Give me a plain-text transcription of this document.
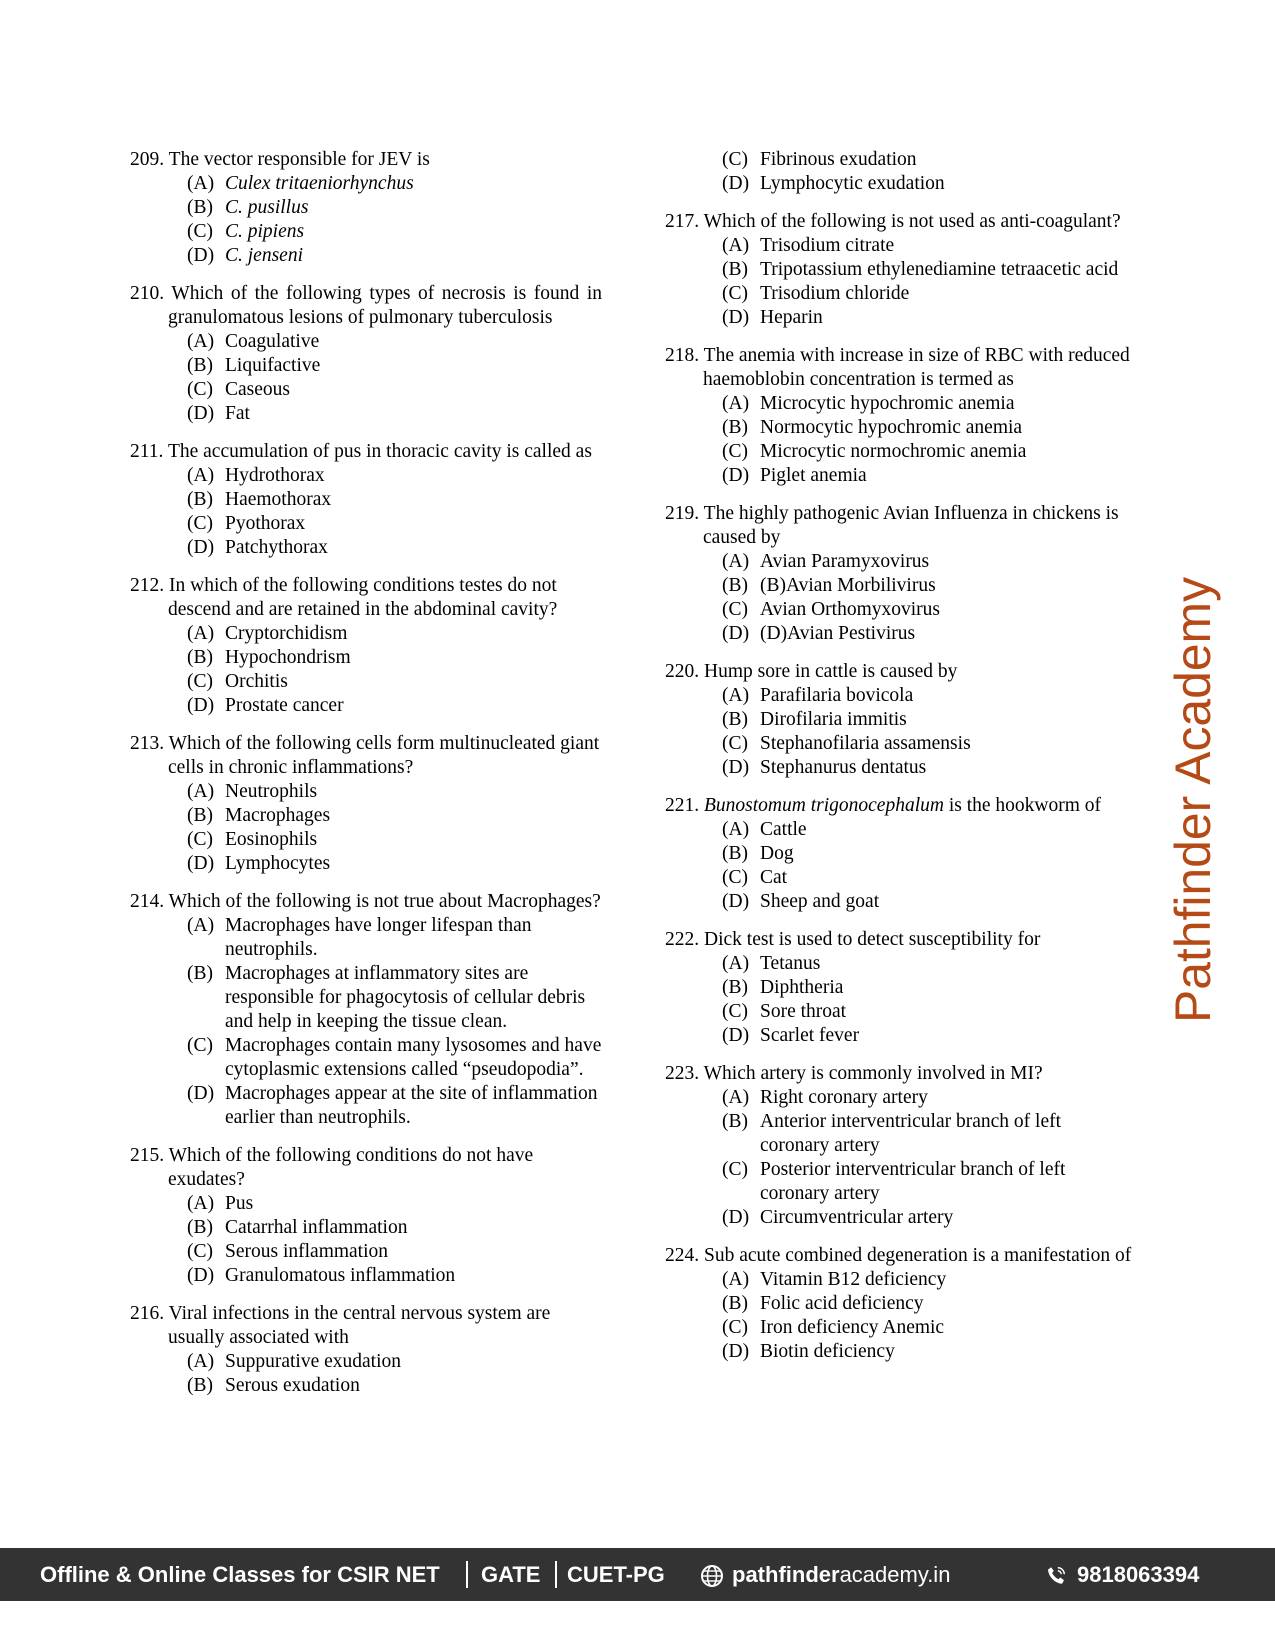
209. The vector responsible for JEV is
(A) Culex tritaeniorhynchus
(B) C. pusillus
(C) C. pipiens
(D) C. jenseni
210. Which of the following types of necrosis is found in granulomatous lesions of pulmonary tuberculosis
(A) Coagulative
(B) Liquifactive
(C) Caseous
(D) Fat
211. The accumulation of pus in thoracic cavity is called as
(A) Hydrothorax
(B) Haemothorax
(C) Pyothorax
(D) Patchythorax
212. In which of the following conditions testes do not descend and are retained in the abdominal cavity?
(A) Cryptorchidism
(B) Hypochondrism
(C) Orchitis
(D) Prostate cancer
213. Which of the following cells form multinucleated giant cells in chronic inflammations?
(A) Neutrophils
(B) Macrophages
(C) Eosinophils
(D) Lymphocytes
214. Which of the following is not true about Macrophages?
(A) Macrophages have longer lifespan than neutrophils.
(B) Macrophages at inflammatory sites are responsible for phagocytosis of cellular debris and help in keeping the tissue clean.
(C) Macrophages contain many lysosomes and have cytoplasmic extensions called “pseudopodia”.
(D) Macrophages appear at the site of inflammation earlier than neutrophils.
215. Which of the following conditions do not have exudates?
(A) Pus
(B) Catarrhal inflammation
(C) Serous inflammation
(D) Granulomatous inflammation
216. Viral infections in the central nervous system are usually associated with
(A) Suppurative exudation
(B) Serous exudation
(C) Fibrinous exudation
(D) Lymphocytic exudation
217. Which of the following is not used as anti-coagulant?
(A) Trisodium citrate
(B) Tripotassium ethylenediamine tetraacetic acid
(C) Trisodium chloride
(D) Heparin
218. The anemia with increase in size of RBC with reduced haemoblobin concentration is termed as
(A) Microcytic hypochromic anemia
(B) Normocytic hypochromic anemia
(C) Microcytic normochromic anemia
(D) Piglet anemia
219. The highly pathogenic Avian Influenza in chickens is caused by
(A) Avian Paramyxovirus
(B) (B)Avian Morbilivirus
(C) Avian Orthomyxovirus
(D) (D)Avian Pestivirus
220. Hump sore in cattle is caused by
(A) Parafilaria bovicola
(B) Dirofilaria immitis
(C) Stephanofilaria assamensis
(D) Stephanurus dentatus
221. Bunostomum trigonocephalum is the hookworm of
(A) Cattle
(B) Dog
(C) Cat
(D) Sheep and goat
222. Dick test is used to detect susceptibility for
(A) Tetanus
(B) Diphtheria
(C) Sore throat
(D) Scarlet fever
223. Which artery is commonly involved in MI?
(A) Right coronary artery
(B) Anterior interventricular branch of left coronary artery
(C) Posterior interventricular branch of left coronary artery
(D) Circumventricular artery
224. Sub acute combined degeneration is a manifestation of
(A) Vitamin B12 deficiency
(B) Folic acid deficiency
(C) Iron deficiency Anemic
(D) Biotin deficiency
Pathfinder Academy
Offline & Online Classes for CSIR NET GATE CUET-PG	pathfinderacademy.in	9818063394
